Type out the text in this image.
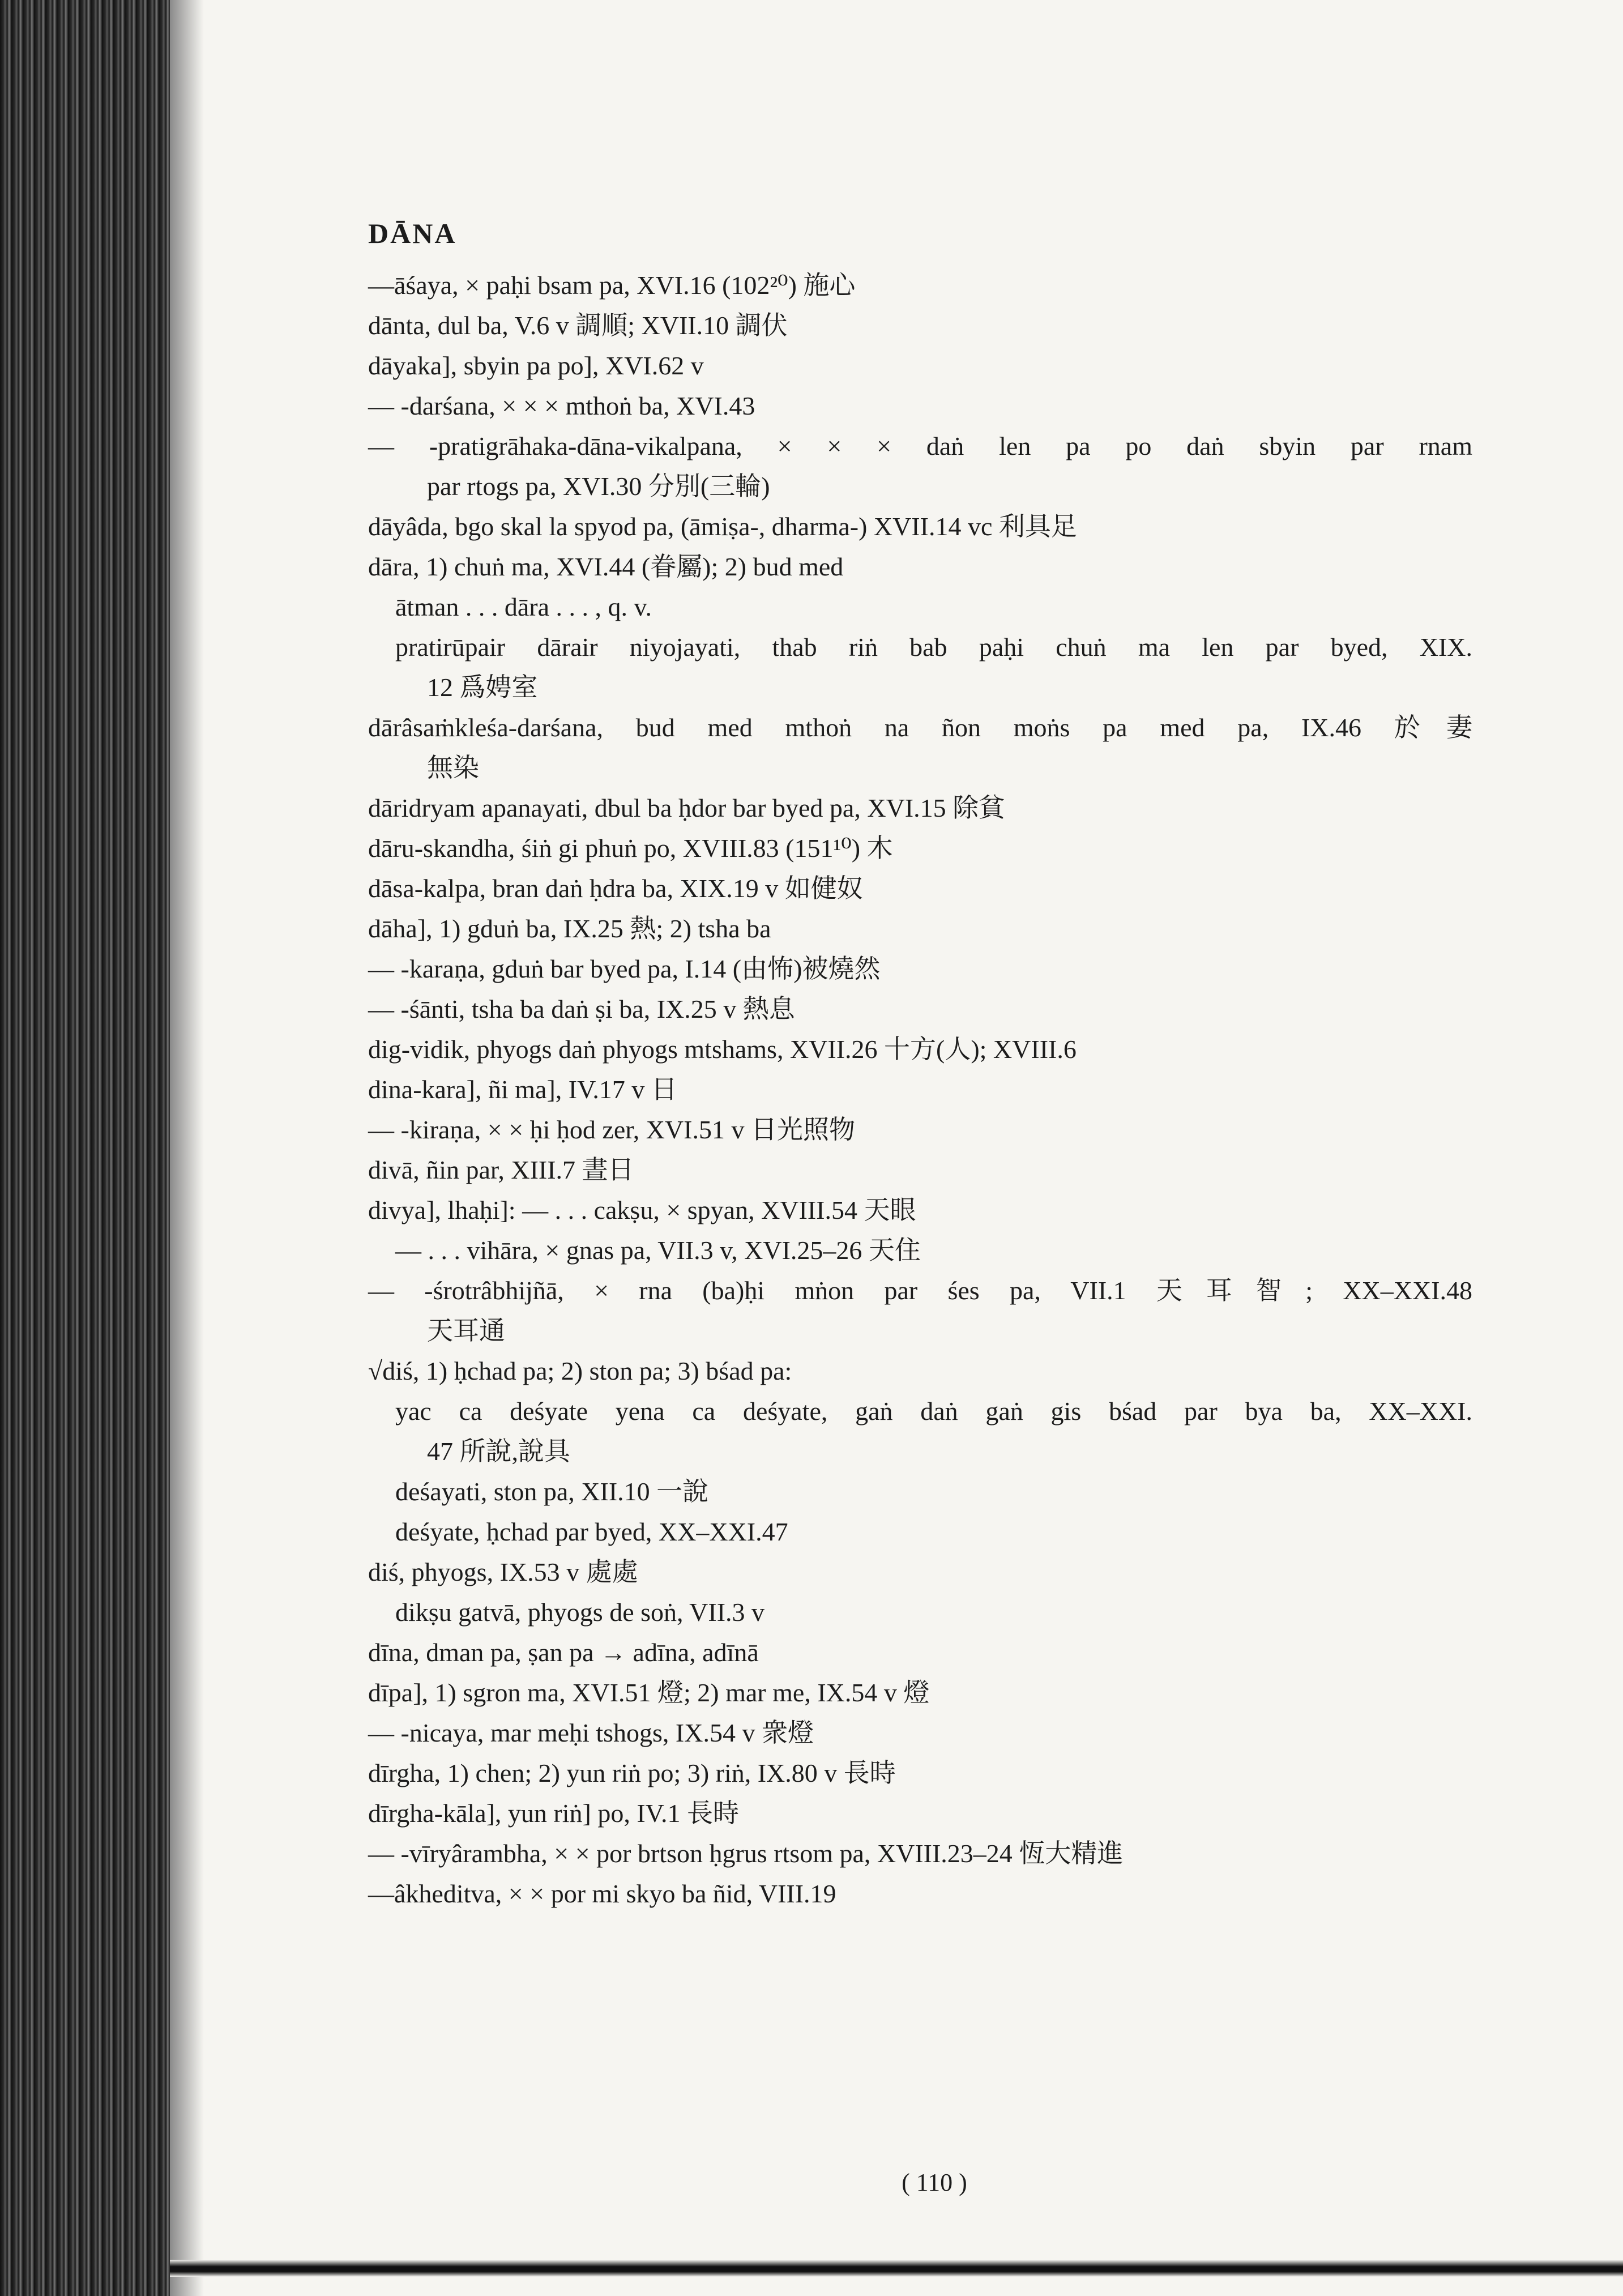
DĀNA
—āśaya, × paḥi bsam pa, XVI.16 (102²⁰) 施心
dānta, dul ba, V.6 v 調順; XVII.10 調伏
dāyaka], sbyin pa po], XVI.62 v
— -darśana, × × × mthoṅ ba, XVI.43
— -pratigrāhaka-dāna-vikalpana, × × × daṅ len pa po daṅ sbyin par rnam
par rtogs pa, XVI.30 分別(三輪)
dāyâda, bgo skal la spyod pa, (āmiṣa-, dharma-) XVII.14 vc 利具足
dāra, 1) chuṅ ma, XVI.44 (眷屬); 2) bud med
ātman . . . dāra . . . , q. v.
pratirūpair dārair niyojayati, thab riṅ bab paḥi chuṅ ma len par byed, XIX.
12 爲娉室
dārâsaṁkleśa-darśana, bud med mthoṅ na ñon moṅs pa med pa, IX.46 於妻
無染
dāridryam apanayati, dbul ba ḥdor bar byed pa, XVI.15 除貧
dāru-skandha, śiṅ gi phuṅ po, XVIII.83 (151¹⁰) 木
dāsa-kalpa, bran daṅ ḥdra ba, XIX.19 v 如健奴
dāha], 1) gduṅ ba, IX.25 熱; 2) tsha ba
— -karaṇa, gduṅ bar byed pa, I.14 (由怖)被燒然
— -śānti, tsha ba daṅ ṣi ba, IX.25 v 熱息
dig-vidik, phyogs daṅ phyogs mtshams, XVII.26 十方(人); XVIII.6
dina-kara], ñi ma], IV.17 v 日
— -kiraṇa, × × ḥi ḥod zer, XVI.51 v 日光照物
divā, ñin par, XIII.7 晝日
divya], lhaḥi]: — . . . cakṣu, × spyan, XVIII.54 天眼
— . . . vihāra, × gnas pa, VII.3 v, XVI.25–26 天住
— -śrotrâbhijñā, × rna (ba)ḥi mṅon par śes pa, VII.1 天耳智; XX–XXI.48
天耳通
√diś, 1) ḥchad pa; 2) ston pa; 3) bśad pa:
yac ca deśyate yena ca deśyate, gaṅ daṅ gaṅ gis bśad par bya ba, XX–XXI.
47 所說,說具
deśayati, ston pa, XII.10 一說
deśyate, ḥchad par byed, XX–XXI.47
diś, phyogs, IX.53 v 處處
dikṣu gatvā, phyogs de soṅ, VII.3 v
dīna, dman pa, ṣan pa → adīna, adīnā
dīpa], 1) sgron ma, XVI.51 燈; 2) mar me, IX.54 v 燈
— -nicaya, mar meḥi tshogs, IX.54 v 衆燈
dīrgha, 1) chen; 2) yun riṅ po; 3) riṅ, IX.80 v 長時
dīrgha-kāla], yun riṅ] po, IV.1 長時
— -vīryârambha, × × por brtson ḥgrus rtsom pa, XVIII.23–24 恆大精進
—âkheditva, × × por mi skyo ba ñid, VIII.19
( 110 )
